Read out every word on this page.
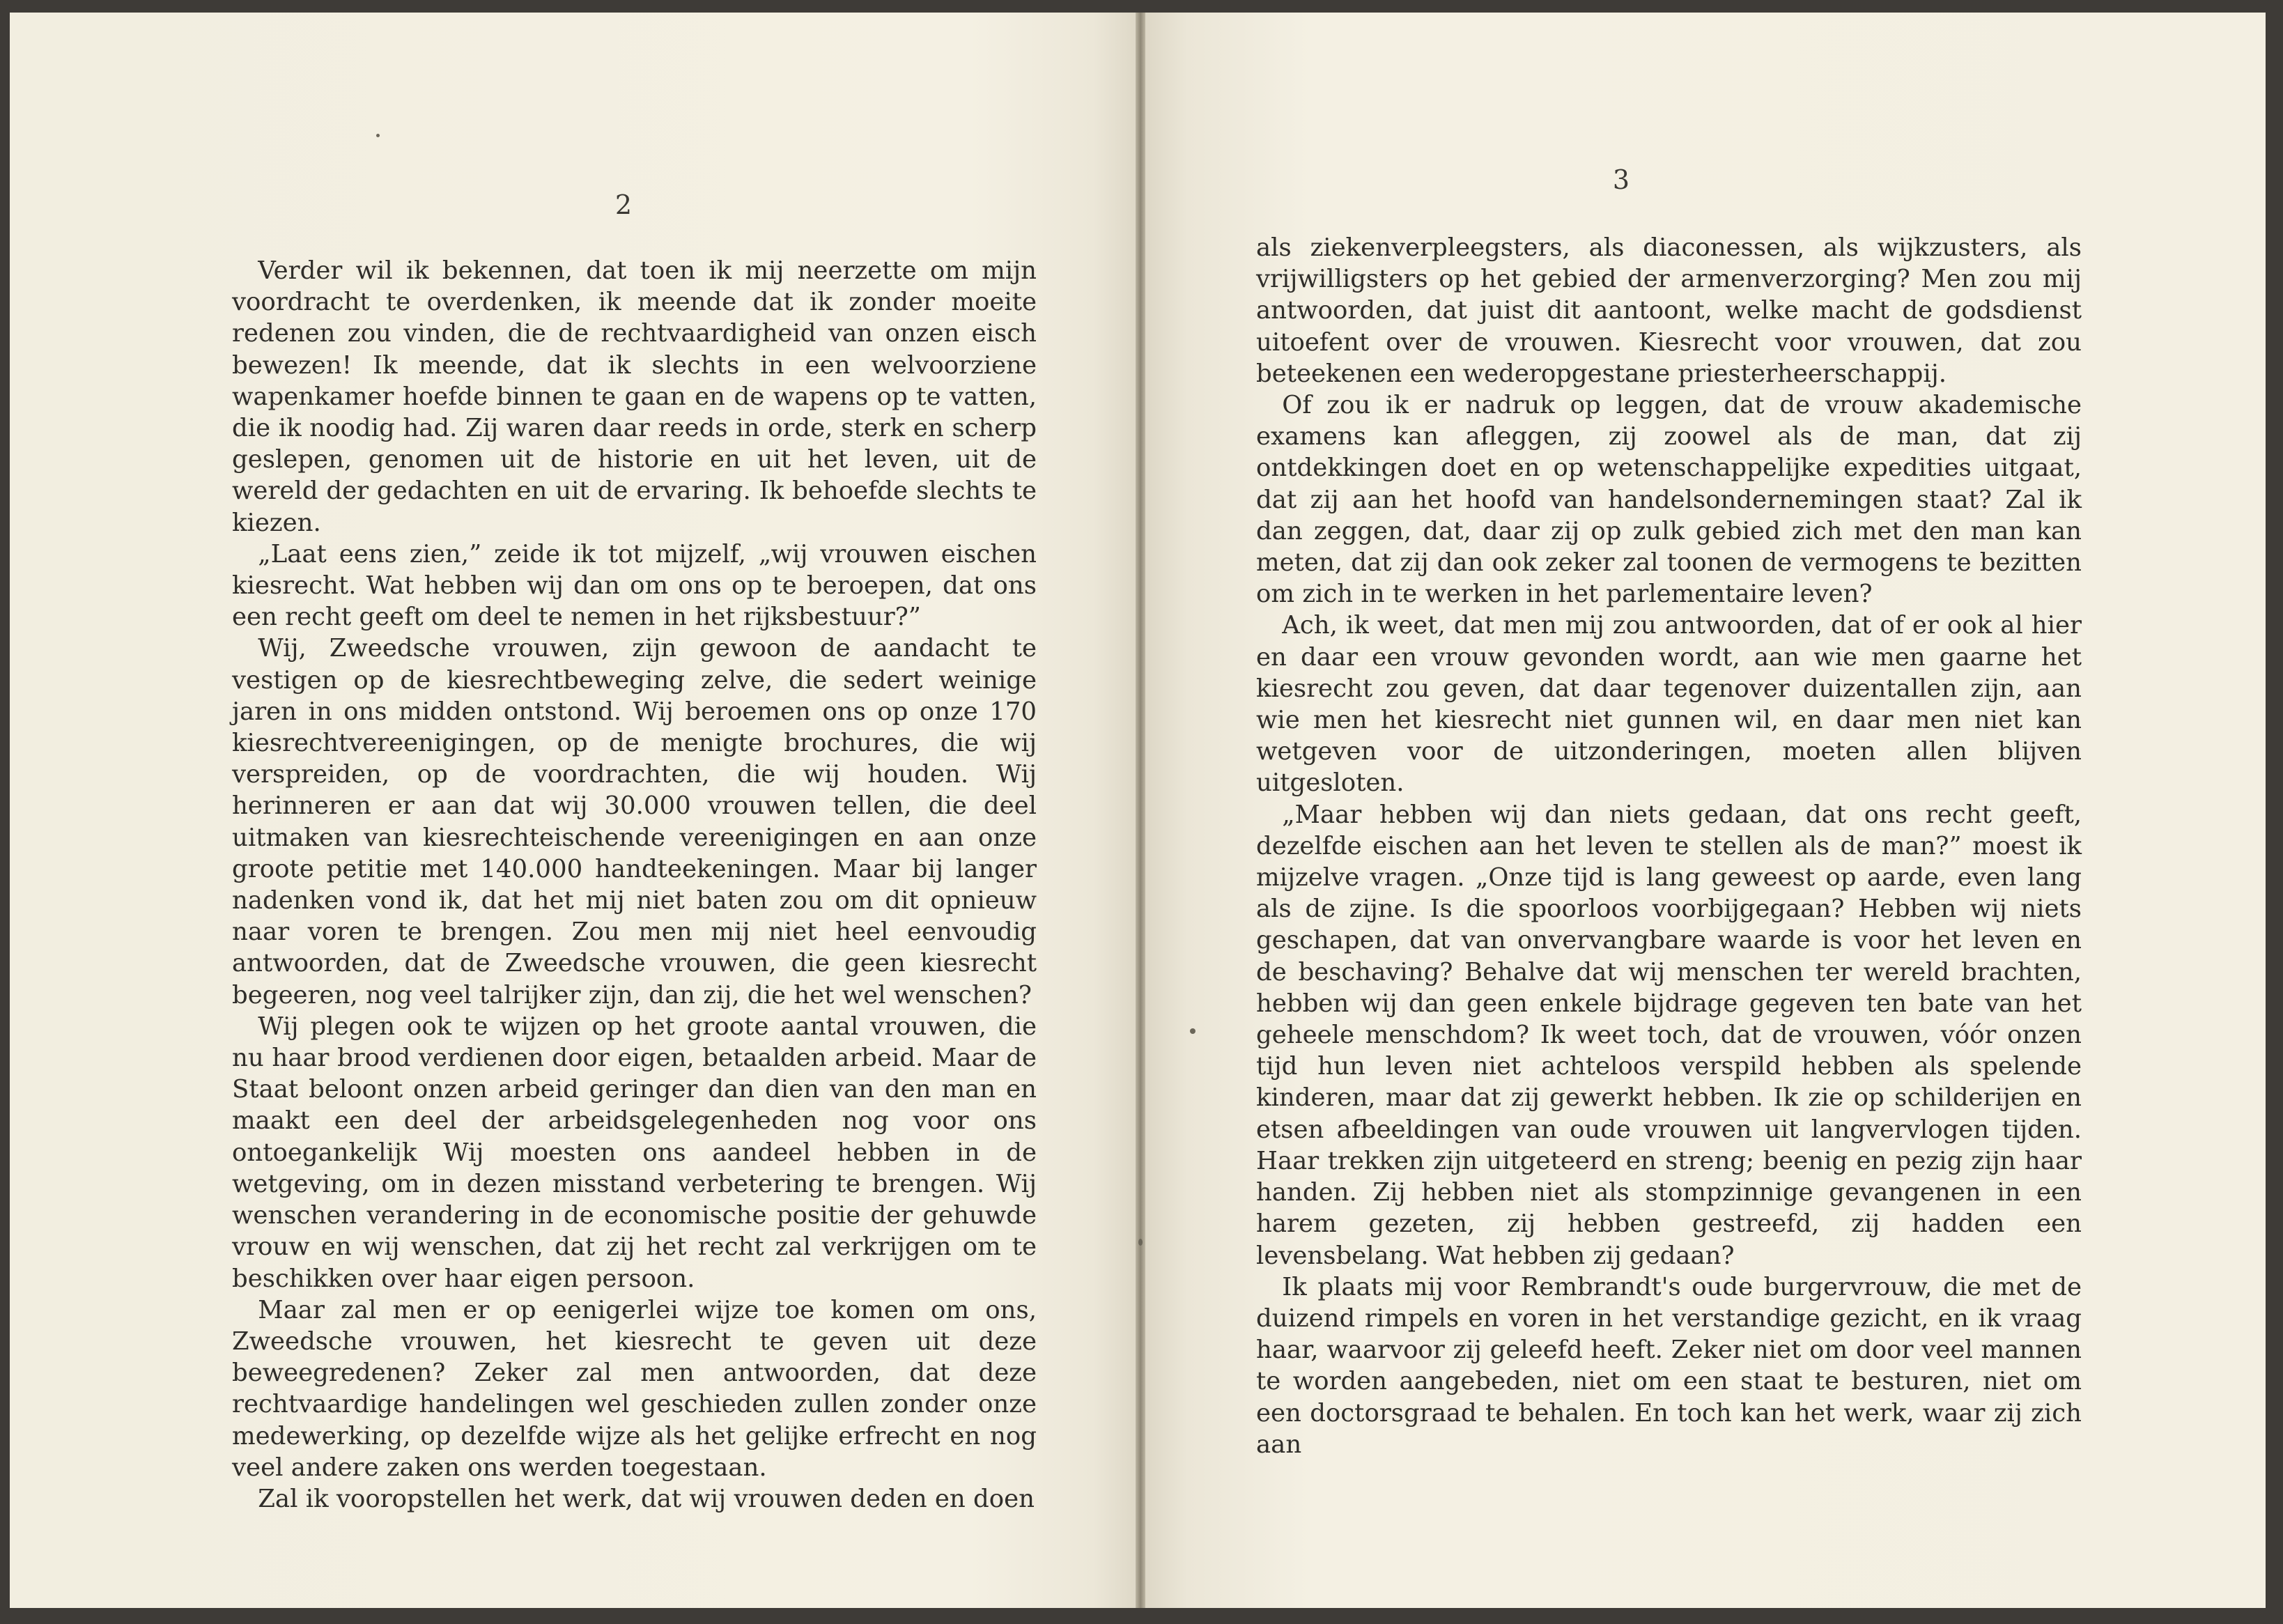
2
3

Verder wil ik bekennen, dat toen ik mij neerzette om mijn voordracht te overdenken, ik meende dat ik zonder moeite redenen zou vinden, die de rechtvaardigheid van onzen eisch bewezen! Ik meende, dat ik slechts in een welvoorziene wapenkamer hoefde binnen te gaan en de wapens op te vatten, die ik noodig had. Zij waren daar reeds in orde, sterk en scherp geslepen, genomen uit de historie en uit het leven, uit de wereld der gedachten en uit de ervaring. Ik behoefde slechts te kiezen.

„Laat eens zien,” zeide ik tot mijzelf, „wij vrouwen eischen kiesrecht. Wat hebben wij dan om ons op te beroepen, dat ons een recht geeft om deel te nemen in het rijksbestuur?”

Wij, Zweedsche vrouwen, zijn gewoon de aandacht te vestigen op de kiesrechtbeweging zelve, die sedert weinige jaren in ons midden ontstond. Wij beroemen ons op onze 170 kiesrechtvereenigingen, op de menigte brochures, die wij verspreiden, op de voordrachten, die wij houden. Wij herinneren er aan dat wij 30.000 vrouwen tellen, die deel uitmaken van kiesrechteischende vereenigingen en aan onze groote petitie met 140.000 handteekeningen. Maar bij langer nadenken vond ik, dat het mij niet baten zou om dit opnieuw naar voren te brengen. Zou men mij niet heel eenvoudig antwoorden, dat de Zweedsche vrouwen, die geen kiesrecht begeeren, nog veel talrijker zijn, dan zij, die het wel wenschen?

Wij plegen ook te wijzen op het groote aantal vrouwen, die nu haar brood verdienen door eigen, betaalden arbeid. Maar de Staat beloont onzen arbeid geringer dan dien van den man en maakt een deel der arbeidsgelegenheden nog voor ons ontoegankelijk Wij moesten ons aandeel hebben in de wetgeving, om in dezen misstand verbetering te brengen. Wij wenschen verandering in de economische positie der gehuwde vrouw en wij wenschen, dat zij het recht zal verkrijgen om te beschikken over haar eigen persoon.

Maar zal men er op eenigerlei wijze toe komen om ons, Zweedsche vrouwen, het kiesrecht te geven uit deze beweegredenen? Zeker zal men antwoorden, dat deze rechtvaardige handelingen wel geschieden zullen zonder onze medewerking, op dezelfde wijze als het gelijke erfrecht en nog veel andere zaken ons werden toegestaan.

Zal ik vooropstellen het werk, dat wij vrouwen deden en doen

als ziekenverpleegsters, als diaconessen, als wijkzusters, als vrijwilligsters op het gebied der armenverzorging? Men zou mij antwoorden, dat juist dit aantoont, welke macht de godsdienst uitoefent over de vrouwen. Kiesrecht voor vrouwen, dat zou beteekenen een wederopgestane priesterheerschappij.

Of zou ik er nadruk op leggen, dat de vrouw akademische examens kan afleggen, zij zoowel als de man, dat zij ontdekkingen doet en op wetenschappelijke expedities uitgaat, dat zij aan het hoofd van handelsondernemingen staat? Zal ik dan zeggen, dat, daar zij op zulk gebied zich met den man kan meten, dat zij dan ook zeker zal toonen de vermogens te bezitten om zich in te werken in het parlementaire leven?

Ach, ik weet, dat men mij zou antwoorden, dat of er ook al hier en daar een vrouw gevonden wordt, aan wie men gaarne het kiesrecht zou geven, dat daar tegenover duizentallen zijn, aan wie men het kiesrecht niet gunnen wil, en daar men niet kan wetgeven voor de uitzonderingen, moeten allen blijven uitgesloten.

„Maar hebben wij dan niets gedaan, dat ons recht geeft, dezelfde eischen aan het leven te stellen als de man?” moest ik mijzelve vragen. „Onze tijd is lang geweest op aarde, even lang als de zijne. Is die spoorloos voorbijgegaan? Hebben wij niets geschapen, dat van onvervangbare waarde is voor het leven en de beschaving? Behalve dat wij menschen ter wereld brachten, hebben wij dan geen enkele bijdrage gegeven ten bate van het geheele menschdom? Ik weet toch, dat de vrouwen, vóór onzen tijd hun leven niet achteloos verspild hebben als spelende kinderen, maar dat zij gewerkt hebben. Ik zie op schilderijen en etsen afbeeldingen van oude vrouwen uit langvervlogen tijden. Haar trekken zijn uitgeteerd en streng; beenig en pezig zijn haar handen. Zij hebben niet als stompzinnige gevangenen in een harem gezeten, zij hebben gestreefd, zij hadden een levensbelang. Wat hebben zij gedaan?

Ik plaats mij voor Rembrandt's oude burgervrouw, die met de duizend rimpels en voren in het verstandige gezicht, en ik vraag haar, waarvoor zij geleefd heeft. Zeker niet om door veel mannen te worden aangebeden, niet om een staat te besturen, niet om een doctorsgraad te behalen. En toch kan het werk, waar zij zich aan
